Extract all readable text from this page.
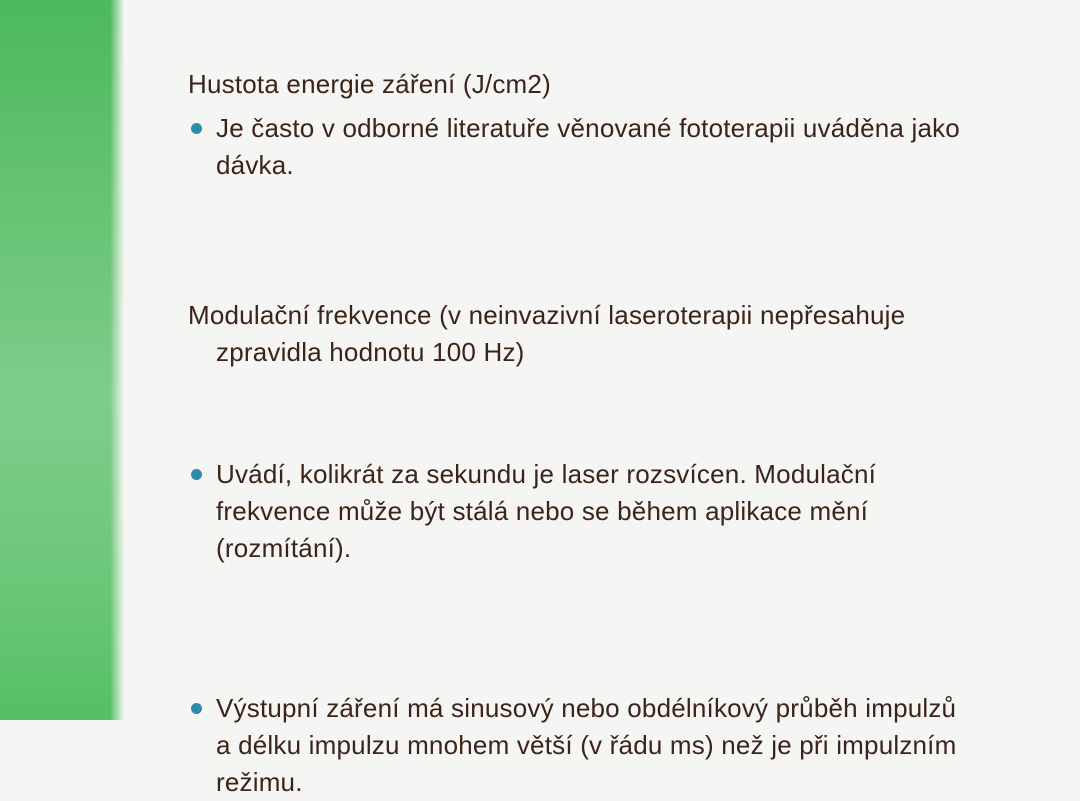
Hustota energie záření (J/cm2)
Je často v odborné literatuře věnované fototerapii uváděna jako
dávka.
Modulační frekvence (v neinvazivní laseroterapii nepřesahuje
zpravidla hodnotu 100 Hz)
Uvádí, kolikrát za sekundu je laser rozsvícen. Modulační
frekvence může být stálá nebo se během aplikace mění
(rozmítání).
Výstupní záření má sinusový nebo obdélníkový průběh impulzů
a délku impulzu mnohem větší (v řádu ms) než je při impulzním
režimu.
